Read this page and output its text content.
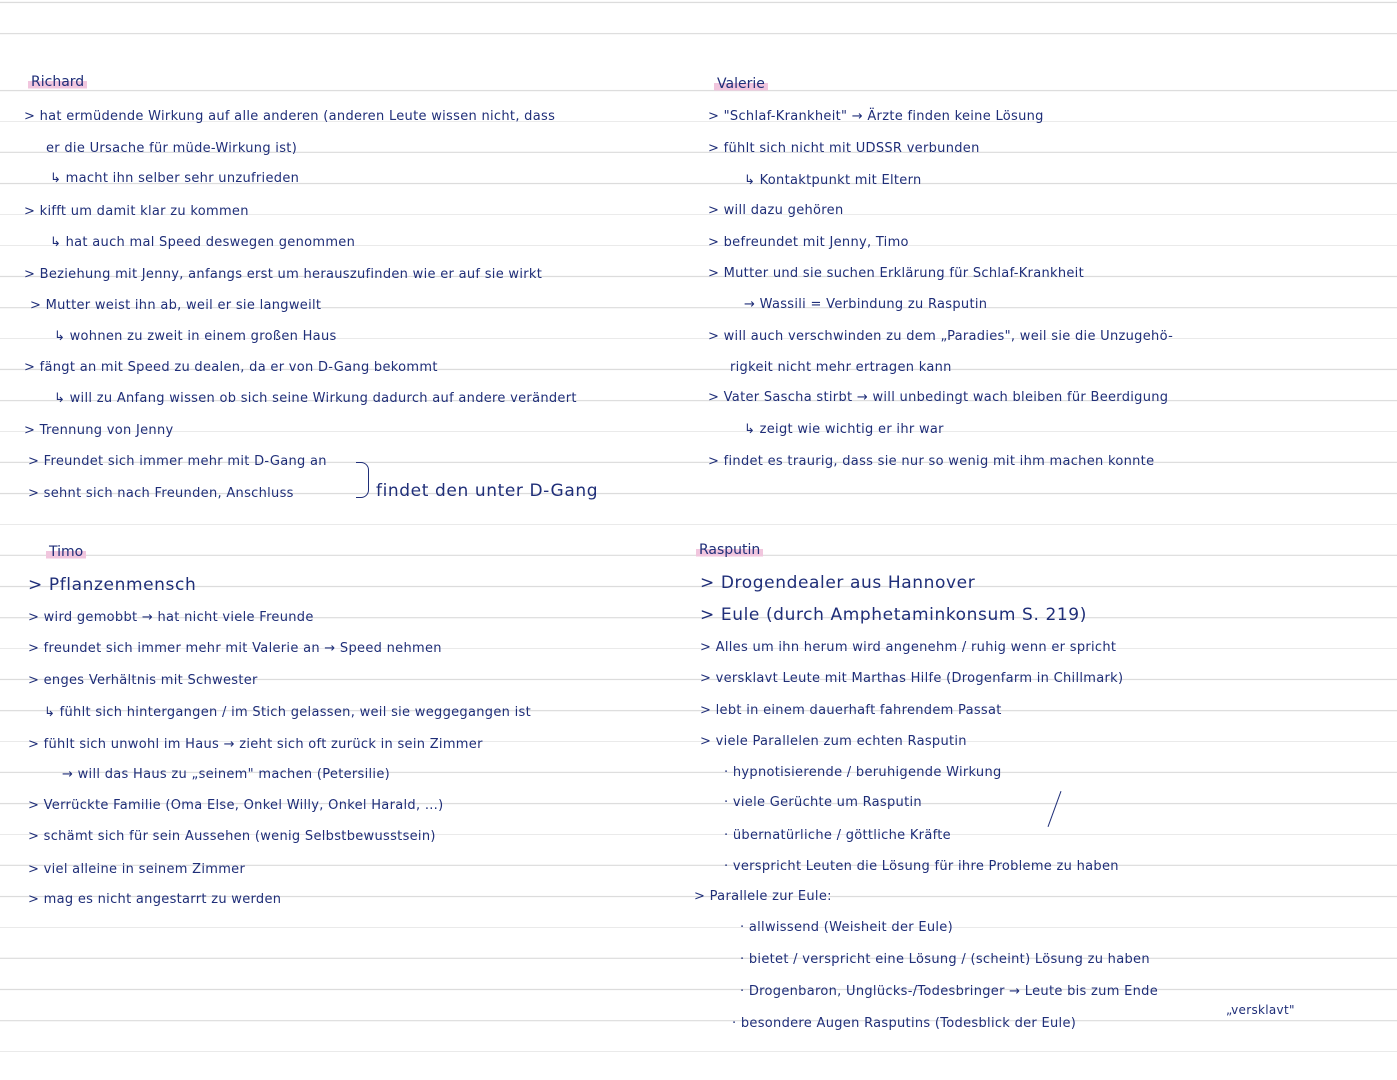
Richard
> hat ermüdende Wirkung auf alle anderen (anderen Leute wissen nicht, dass
er die Ursache für müde-Wirkung ist)
↳ macht ihn selber sehr unzufrieden
> kifft um damit klar zu kommen
↳ hat auch mal Speed deswegen genommen
> Beziehung mit Jenny, anfangs erst um herauszufinden wie er auf sie wirkt
> Mutter weist ihn ab, weil er sie langweilt
↳ wohnen zu zweit in einem großen Haus
> fängt an mit Speed zu dealen, da er von D-Gang bekommt
↳ will zu Anfang wissen ob sich seine Wirkung dadurch auf andere verändert
> Trennung von Jenny
> Freundet sich immer mehr mit D-Gang an
> sehnt sich nach Freunden, Anschluss	findet den unter D-Gang
Valerie
> "Schlaf-Krankheit" → Ärzte finden keine Lösung
> fühlt sich nicht mit UDSSR verbunden
↳ Kontaktpunkt mit Eltern
> will dazu gehören
> befreundet mit Jenny, Timo
> Mutter und sie suchen Erklärung für Schlaf-Krankheit
→ Wassili = Verbindung zu Rasputin
> will auch verschwinden zu dem „Paradies", weil sie die Unzugehö-
rigkeit nicht mehr ertragen kann
> Vater Sascha stirbt → will unbedingt wach bleiben für Beerdigung
↳ zeigt wie wichtig er ihr war
> findet es traurig, dass sie nur so wenig mit ihm machen konnte
Timo
> Pflanzenmensch
> wird gemobbt → hat nicht viele Freunde
> freundet sich immer mehr mit Valerie an → Speed nehmen
> enges Verhältnis mit Schwester
↳ fühlt sich hintergangen / im Stich gelassen, weil sie weggegangen ist
> fühlt sich unwohl im Haus → zieht sich oft zurück in sein Zimmer
→ will das Haus zu „seinem" machen (Petersilie)
> Verrückte Familie (Oma Else, Onkel Willy, Onkel Harald, ...)
> schämt sich für sein Aussehen (wenig Selbstbewusstsein)
> viel alleine in seinem Zimmer
> mag es nicht angestarrt zu werden
Rasputin
> Drogendealer aus Hannover
> Eule (durch Amphetaminkonsum S. 219)
> Alles um ihn herum wird angenehm / ruhig wenn er spricht
> versklavt Leute mit Marthas Hilfe (Drogenfarm in Chillmark)
> lebt in einem dauerhaft fahrendem Passat
> viele Parallelen zum echten Rasputin
· hypnotisierende / beruhigende Wirkung
· viele Gerüchte um Rasputin
· übernatürliche / göttliche Kräfte
· verspricht Leuten die Lösung für ihre Probleme zu haben
> Parallele zur Eule:
· allwissend (Weisheit der Eule)
· bietet / verspricht eine Lösung / (scheint) Lösung zu haben
· Drogenbaron, Unglücks-/Todesbringer → Leute bis zum Ende
„versklavt"
· besondere Augen Rasputins (Todesblick der Eule)
